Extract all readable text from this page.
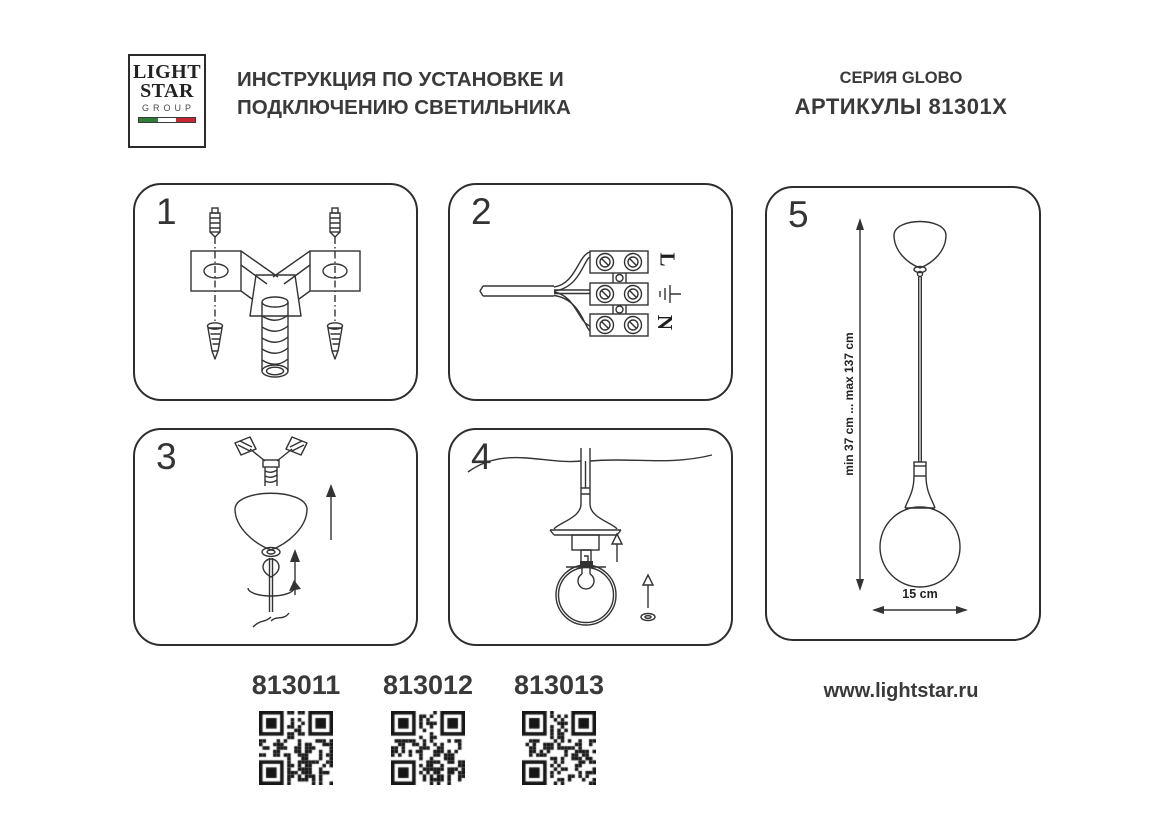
LIGHT
STAR
GROUP
ИНСТРУКЦИЯ ПО УСТАНОВКЕ И
ПОДКЛЮЧЕНИЮ СВЕТИЛЬНИКА
СЕРИЯ GLOBO
АРТИКУЛЫ 81301X
1	2
L
N
3	4
5
min 37 cm ... max 137 cm
15 cm
813011 813012 813013	www.lightstar.ru
